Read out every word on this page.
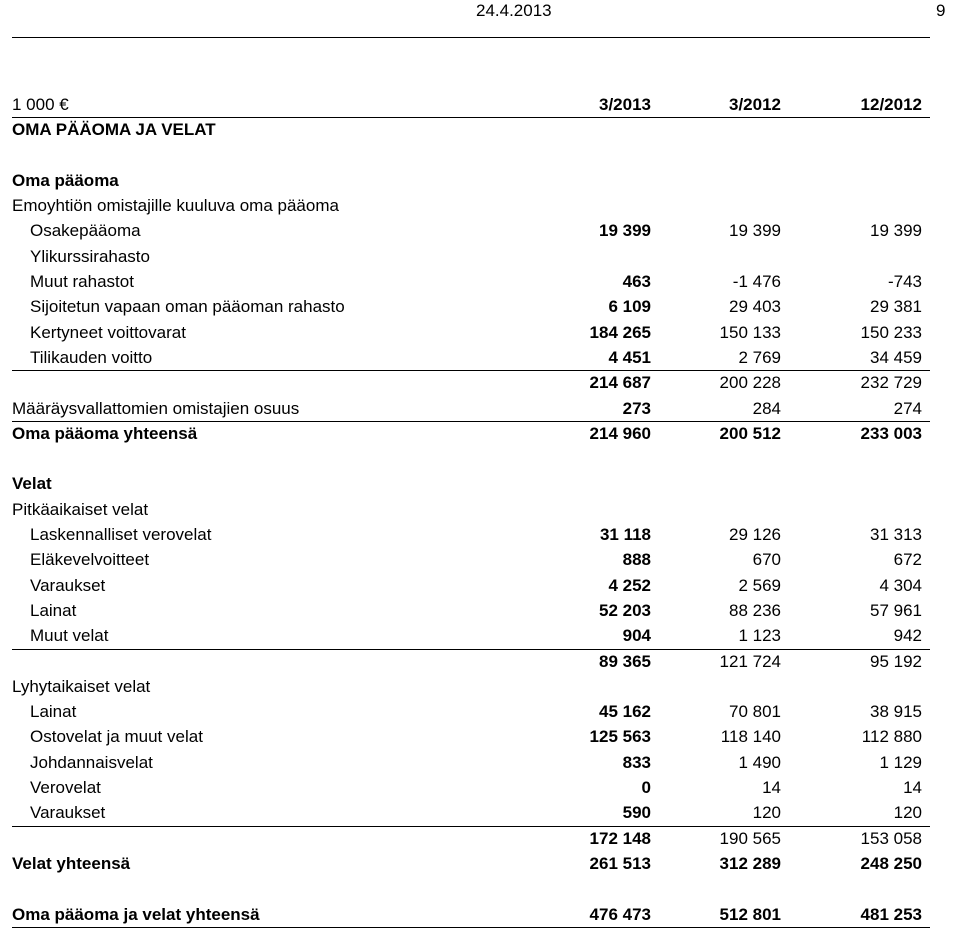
24.4.2013	9
1 000 €	3/2013	3/2012	12/2012
OMA PÄÄOMA JA VELAT
Oma pääoma
Emoyhtiön omistajille kuuluva oma pääoma
Osakepääoma	19 399	19 399	19 399
Ylikurssirahasto
Muut rahastot	463	-1 476	-743
Sijoitetun vapaan oman pääoman rahasto	6 109	29 403	29 381
Kertyneet voittovarat	184 265	150 133	150 233
Tilikauden voitto	4 451	2 769	34 459
214 687	200 228	232 729
Määräysvallattomien omistajien osuus	273	284	274
Oma pääoma yhteensä	214 960	200 512	233 003
Velat
Pitkäaikaiset velat
Laskennalliset verovelat	31 118	29 126	31 313
Eläkevelvoitteet	888	670	672
Varaukset	4 252	2 569	4 304
Lainat	52 203	88 236	57 961
Muut velat	904	1 123	942
89 365	121 724	95 192
Lyhytaikaiset velat
Lainat	45 162	70 801	38 915
Ostovelat ja muut velat	125 563	118 140	112 880
Johdannaisvelat	833	1 490	1 129
Verovelat	0	14	14
Varaukset	590	120	120
172 148	190 565	153 058
Velat yhteensä	261 513	312 289	248 250
Oma pääoma ja velat yhteensä	476 473	512 801	481 253
